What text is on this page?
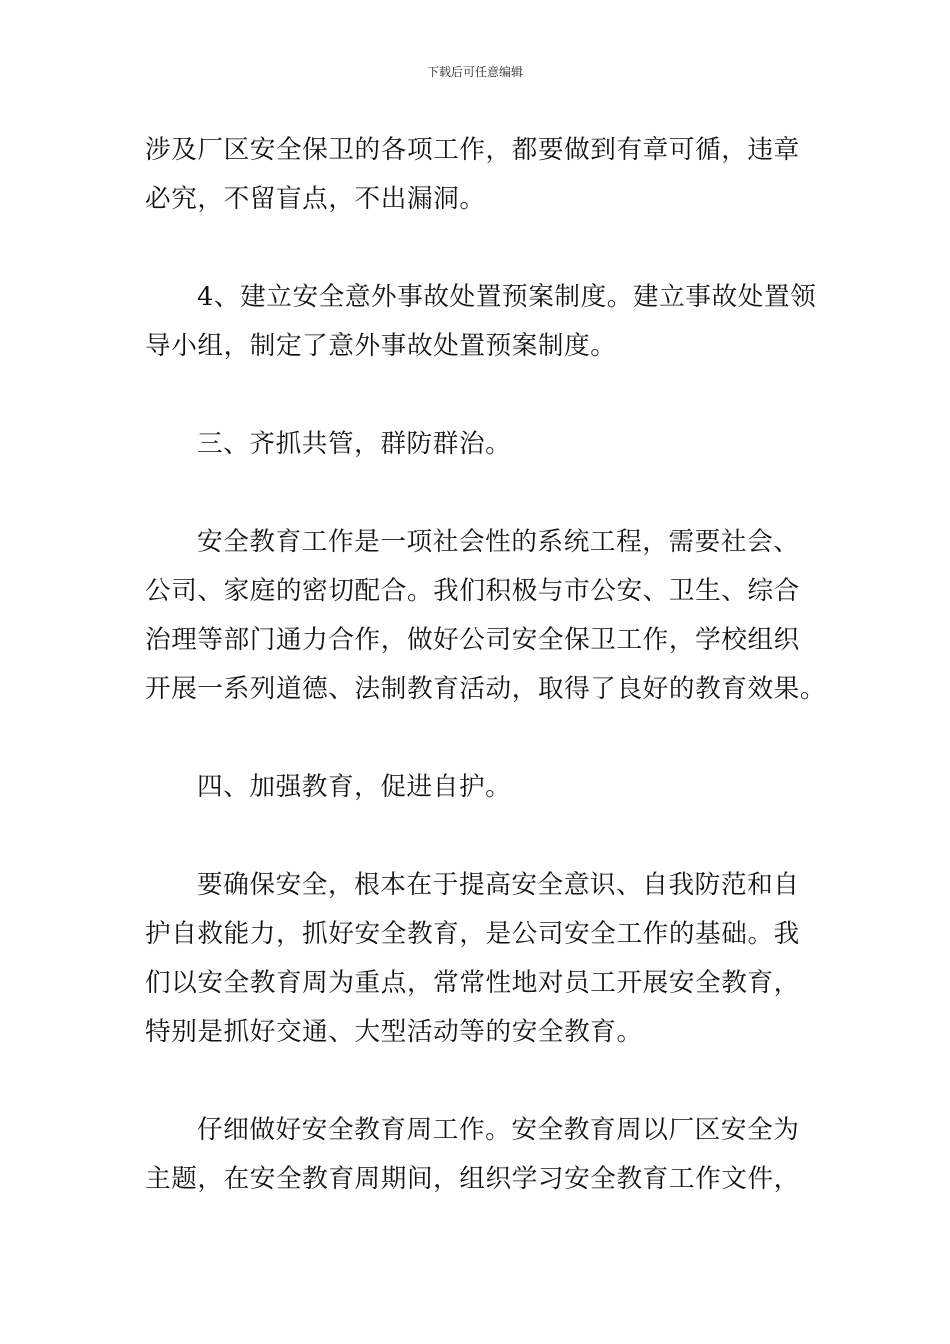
下载后可任意编辑

涉及厂区安全保卫的各项工作，都要做到有章可循，违章
必究，不留盲点，不出漏洞。

4、建立安全意外事故处置预案制度。建立事故处置领
导小组，制定了意外事故处置预案制度。

三、齐抓共管，群防群治。

安全教育工作是一项社会性的系统工程，需要社会、
公司、家庭的密切配合。我们积极与市公安、卫生、综合
治理等部门通力合作，做好公司安全保卫工作，学校组织
开展一系列道德、法制教育活动，取得了良好的教育效果。

四、加强教育，促进自护。

要确保安全，根本在于提高安全意识、自我防范和自
护自救能力，抓好安全教育，是公司安全工作的基础。我
们以安全教育周为重点，常常性地对员工开展安全教育，
特别是抓好交通、大型活动等的安全教育。

仔细做好安全教育周工作。安全教育周以厂区安全为
主题，在安全教育周期间，组织学习安全教育工作文件，
